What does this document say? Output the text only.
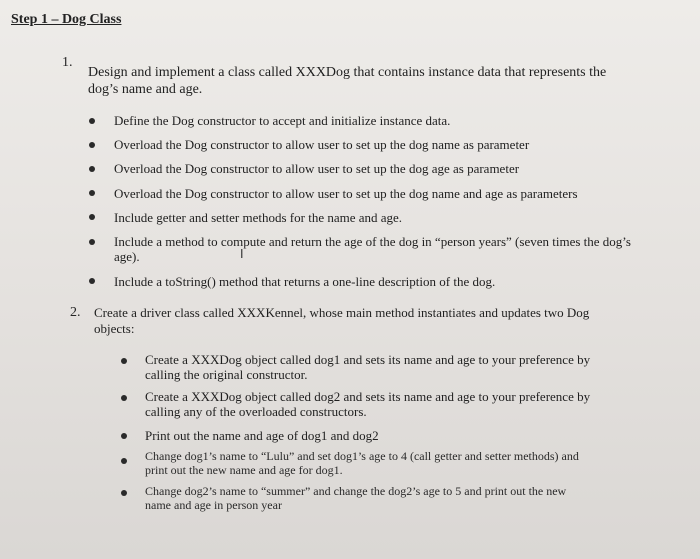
Step 1 – Dog Class
1.
Design and implement a class called XXXDog that contains instance data that represents the dog’s name and age.
Define the Dog constructor to accept and initialize instance data.
Overload the Dog constructor to allow user to set up the dog name as parameter
Overload the Dog constructor to allow user to set up the dog age as parameter
Overload the Dog constructor to allow user to set up the dog name and age as parameters
Include getter and setter methods for the name and age.
Include a method to compute and return the age of the dog in “person years” (seven times the dog’s age).	I
Include a toString() method that returns a one-line description of the dog.
2. Create a driver class called XXXKennel, whose main method instantiates and updates two Dog objects:
Create a XXXDog object called dog1 and sets its name and age to your preference by calling the original constructor.
Create a XXXDog object called dog2 and sets its name and age to your preference by calling any of the overloaded constructors.
Print out the name and age of dog1 and dog2
Change dog1’s name to “Lulu” and set dog1’s age to 4 (call getter and setter methods) and print out the new name and age for dog1.
Change dog2’s name to “summer” and change the dog2’s age to 5 and print out the new name and age in person year
